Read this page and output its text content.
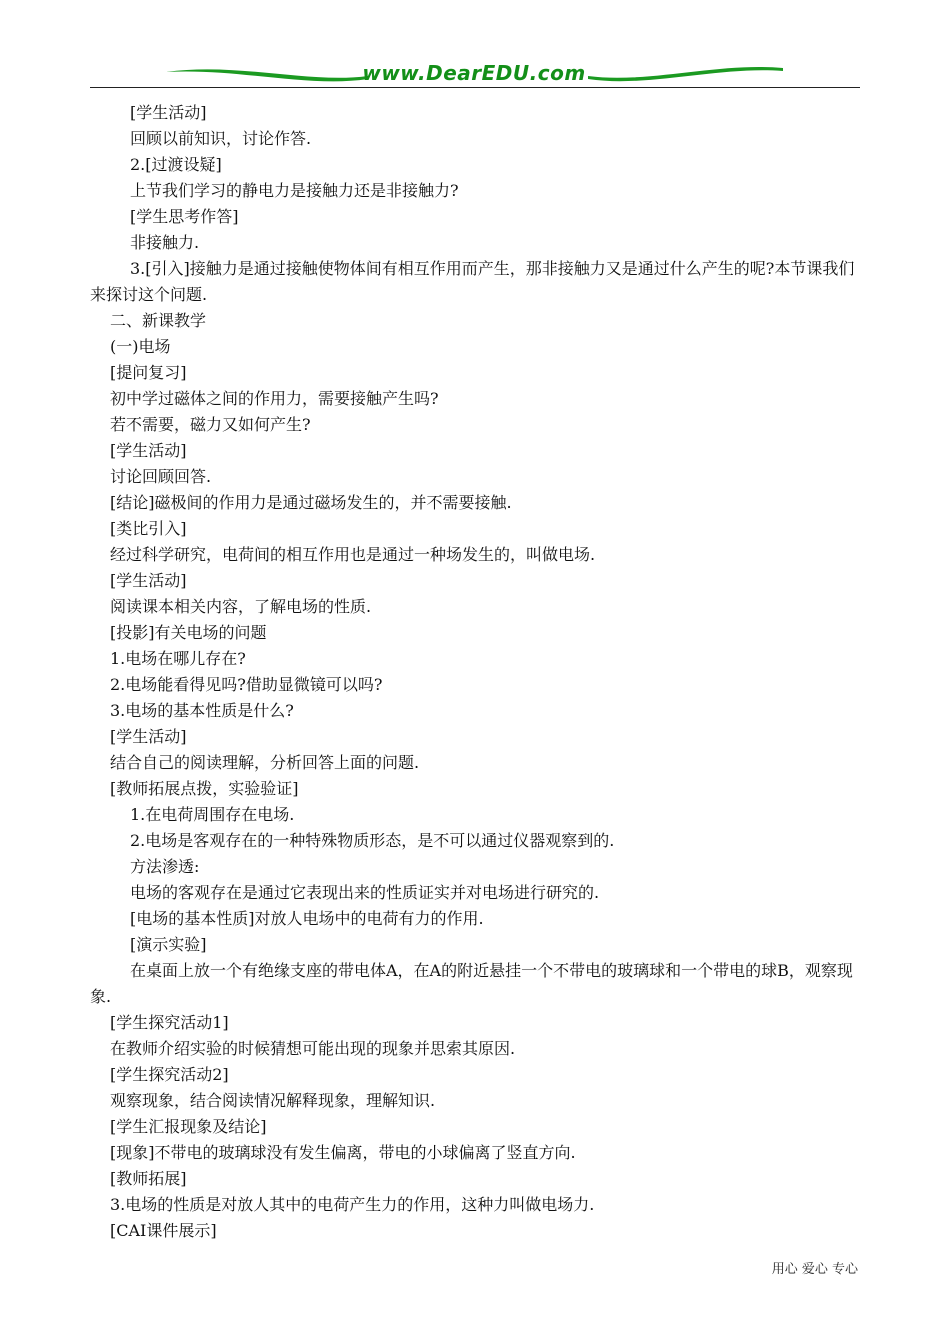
www.DearEDU.com
[学生活动]
回顾以前知识，讨论作答.
2.[过渡设疑]
上节我们学习的静电力是接触力还是非接触力?
[学生思考作答]
非接触力.
3.[引入]接触力是通过接触使物体间有相互作用而产生，那非接触力又是通过什么产生的呢?本节课我们来探讨这个问题.
二、新课教学
(一)电场
[提问复习]
初中学过磁体之间的作用力，需要接触产生吗?
若不需要，磁力又如何产生?
[学生活动]
讨论回顾回答.
[结论]磁极间的作用力是通过磁场发生的，并不需要接触.
[类比引入]
经过科学研究，电荷间的相互作用也是通过一种场发生的，叫做电场.
[学生活动]
阅读课本相关内容，了解电场的性质.
[投影]有关电场的问题
1.电场在哪儿存在?
2.电场能看得见吗?借助显微镜可以吗?
3.电场的基本性质是什么?
[学生活动]
结合自己的阅读理解，分析回答上面的问题.
[教师拓展点拨，实验验证]
1.在电荷周围存在电场.
2.电场是客观存在的一种特殊物质形态，是不可以通过仪器观察到的.
方法渗透:
电场的客观存在是通过它表现出来的性质证实并对电场进行研究的.
[电场的基本性质]对放人电场中的电荷有力的作用.
[演示实验]
在桌面上放一个有绝缘支座的带电体A，在A的附近悬挂一个不带电的玻璃球和一个带电的球B，观察现象.
[学生探究活动1]
在教师介绍实验的时候猜想可能出现的现象并思索其原因.
[学生探究活动2]
观察现象，结合阅读情况解释现象，理解知识.
[学生汇报现象及结论]
[现象]不带电的玻璃球没有发生偏离，带电的小球偏离了竖直方向.
[教师拓展]
3.电场的性质是对放人其中的电荷产生力的作用，这种力叫做电场力.
[CAI课件展示]
用心 爱心 专心
